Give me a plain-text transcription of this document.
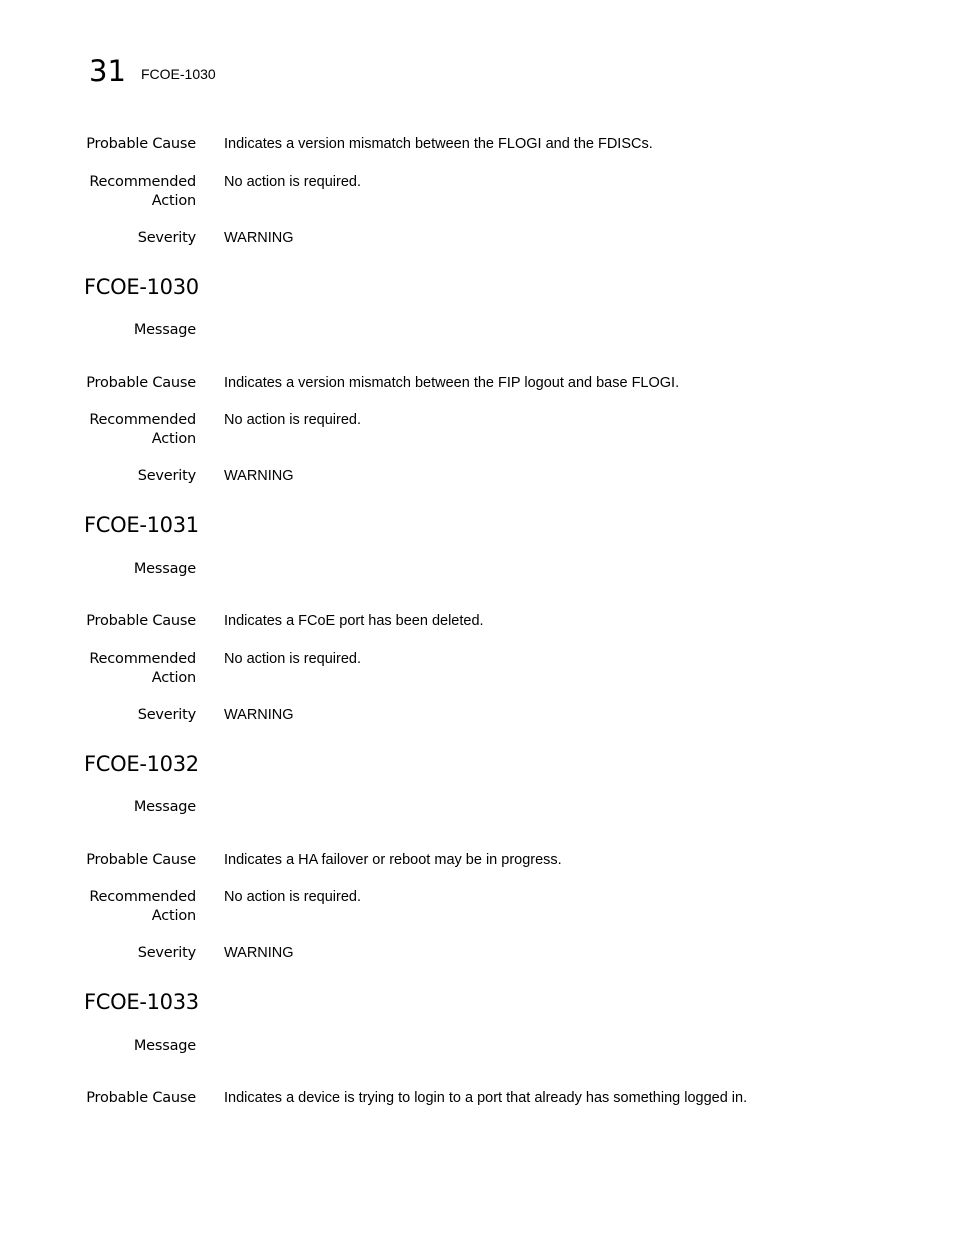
31 FCOE-1030
Probable Cause Indicates a version mismatch between the FLOGI and the FDISCs.
Recommended
Action
No action is required.
Severity WARNING
FCOE-1030
Message
Probable Cause Indicates a version mismatch between the FIP logout and base FLOGI.
Recommended
Action
No action is required.
Severity WARNING
FCOE-1031
Message
Probable Cause Indicates a FCoE port has been deleted.
Recommended
Action
No action is required.
Severity WARNING
FCOE-1032
Message
Probable Cause Indicates a HA failover or reboot may be in progress.
Recommended
Action
No action is required.
Severity WARNING
FCOE-1033
Message
Probable Cause Indicates a device is trying to login to a port that already has something logged in.
